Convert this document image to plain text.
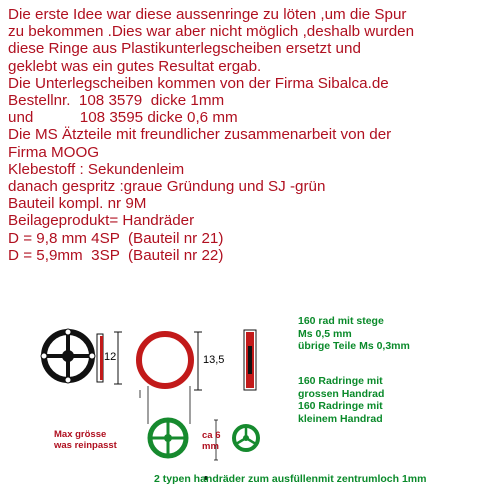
Die erste Idee war diese aussenringe zu löten ,um die Spur
zu bekommen .Dies war aber nicht möglich ,deshalb wurden
diese Ringe aus Plastikunterlegscheiben ersetzt und
geklebt was ein gutes Resultat ergab.
Die Unterlegscheiben kommen von der Firma Sibalca.de
Bestellnr.  108 3579  dicke 1mm
und           108 3595 dicke 0,6 mm
Die MS Ätzteile mit freundlicher zusammenarbeit von der
Firma MOOG
Klebestoff : Sekundenleim
danach gespritz :graue Gründung und SJ -grün
Bauteil kompl. nr 9M
Beilageprodukt= Handräder
D = 9,8 mm 4SP  (Bauteil nr 21)
D = 5,9mm  3SP  (Bauteil nr 22)
12	13,5
Max grösse
was reinpasst
ca 6
mm
160 rad mit stege
Ms 0,5 mm
übrige Teile Ms 0,3mm
160 Radringe mit
grossen Handrad
160 Radringe mit
kleinem Handrad
2 typen handräder zum ausfüllenmit zentrumloch 1mm
